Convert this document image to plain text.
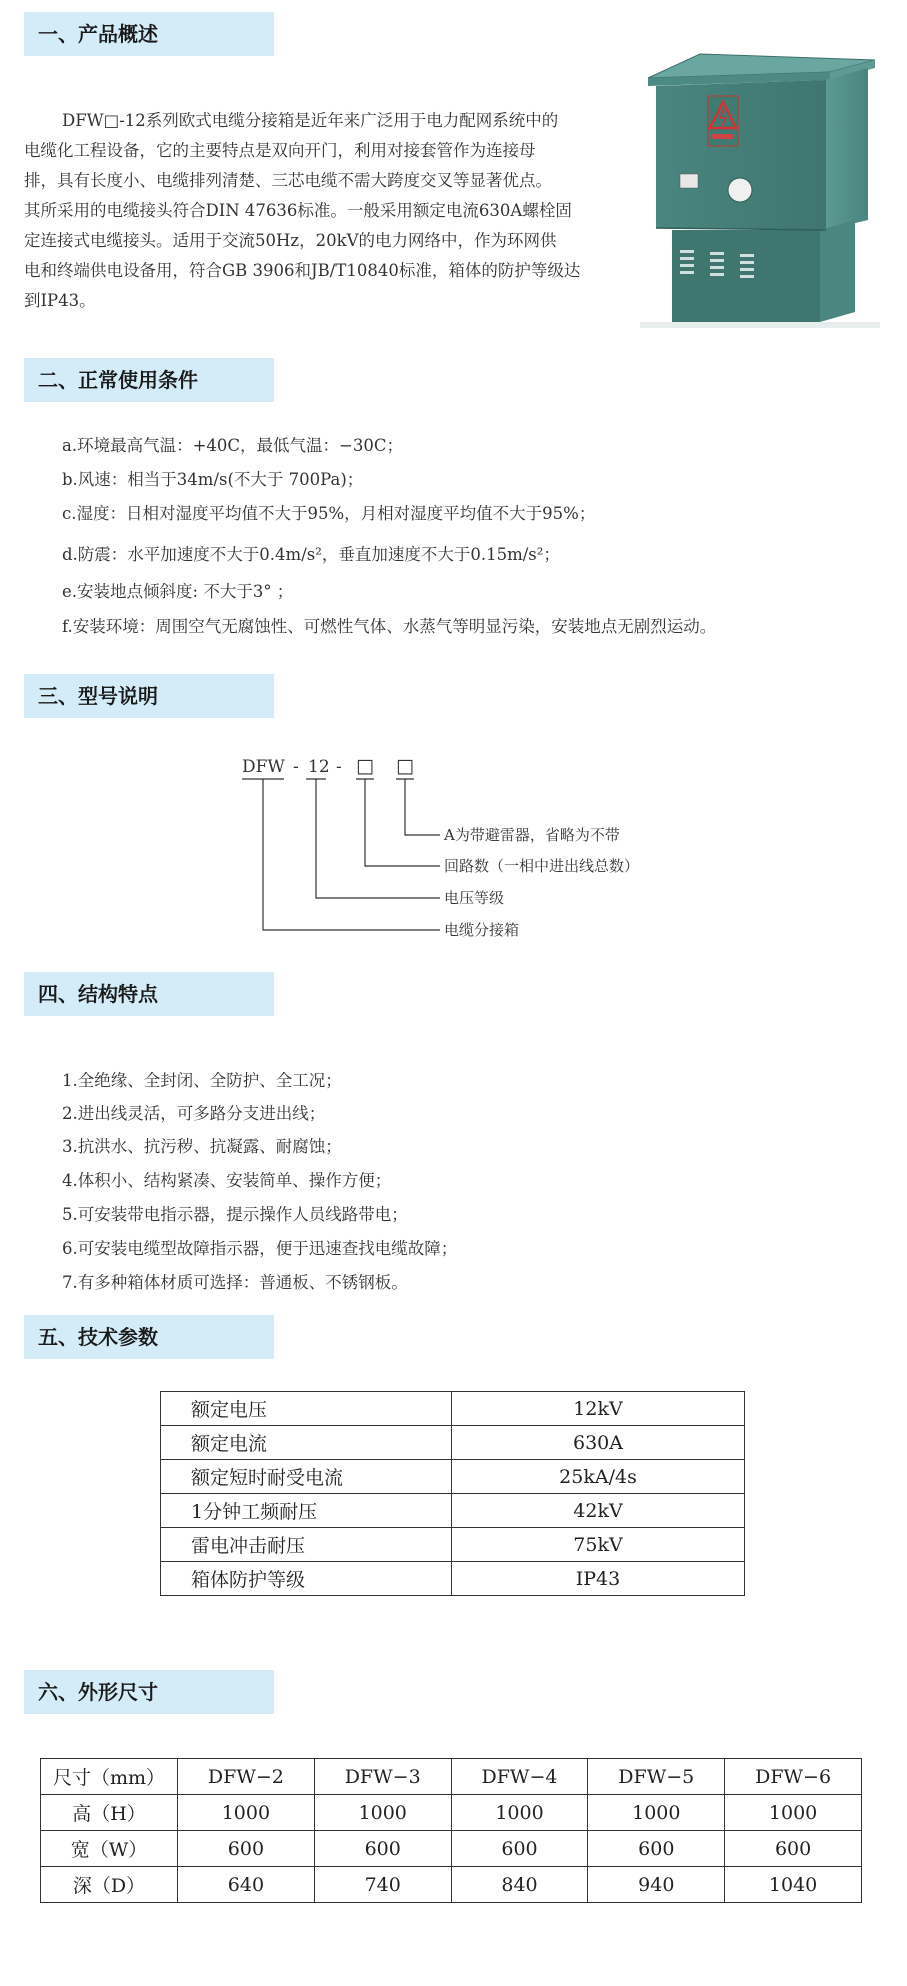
一、产品概述
DFW□-12系列欧式电缆分接箱是近年来广泛用于电力配网系统中的
电缆化工程设备，它的主要特点是双向开门，利用对接套管作为连接母
排，具有长度小、电缆排列清楚、三芯电缆不需大跨度交叉等显著优点。
其所采用的电缆接头符合DIN 47636标准。一般采用额定电流630A螺栓固
定连接式电缆接头。适用于交流50Hz，20kV的电力网络中，作为环网供
电和终端供电设备用，符合GB 3906和JB/T10840标准，箱体的防护等级达
到IP43。
二、正常使用条件
a.环境最高气温：+40C，最低气温：−30C；
b.风速：相当于34m/s(不大于 700Pa)；
c.湿度：日相对湿度平均值不大于95%，月相对湿度平均值不大于95%；
d.防震：水平加速度不大于0.4m/s²，垂直加速度不大于0.15m/s²；
e.安装地点倾斜度: 不大于3° ；
f.安装环境：周围空气无腐蚀性、可燃性气体、水蒸气等明显污染，安装地点无剧烈运动。
三、型号说明
DFW - 12 - □ □
A为带避雷器，省略为不带
回路数（一相中进出线总数）
电压等级
电缆分接箱
四、结构特点
1.全绝缘、全封闭、全防护、全工况；
2.进出线灵活，可多路分支进出线；
3.抗洪水、抗污秽、抗凝露、耐腐蚀；
4.体积小、结构紧凑、安装简单、操作方便；
5.可安装带电指示器，提示操作人员线路带电；
6.可安装电缆型故障指示器，便于迅速查找电缆故障；
7.有多种箱体材质可选择：普通板、不锈钢板。
五、技术参数
额定电压	12kV
额定电流	630A
额定短时耐受电流	25kA/4s
1分钟工频耐压	42kV
雷电冲击耐压	75kV
箱体防护等级	IP43
六、外形尺寸
尺寸（mm）	DFW−2	DFW−3	DFW−4	DFW−5	DFW−6
高（H）	1000	1000	1000	1000	1000
宽（W）	600	600	600	600	600
深（D）	640	740	840	940	1040
